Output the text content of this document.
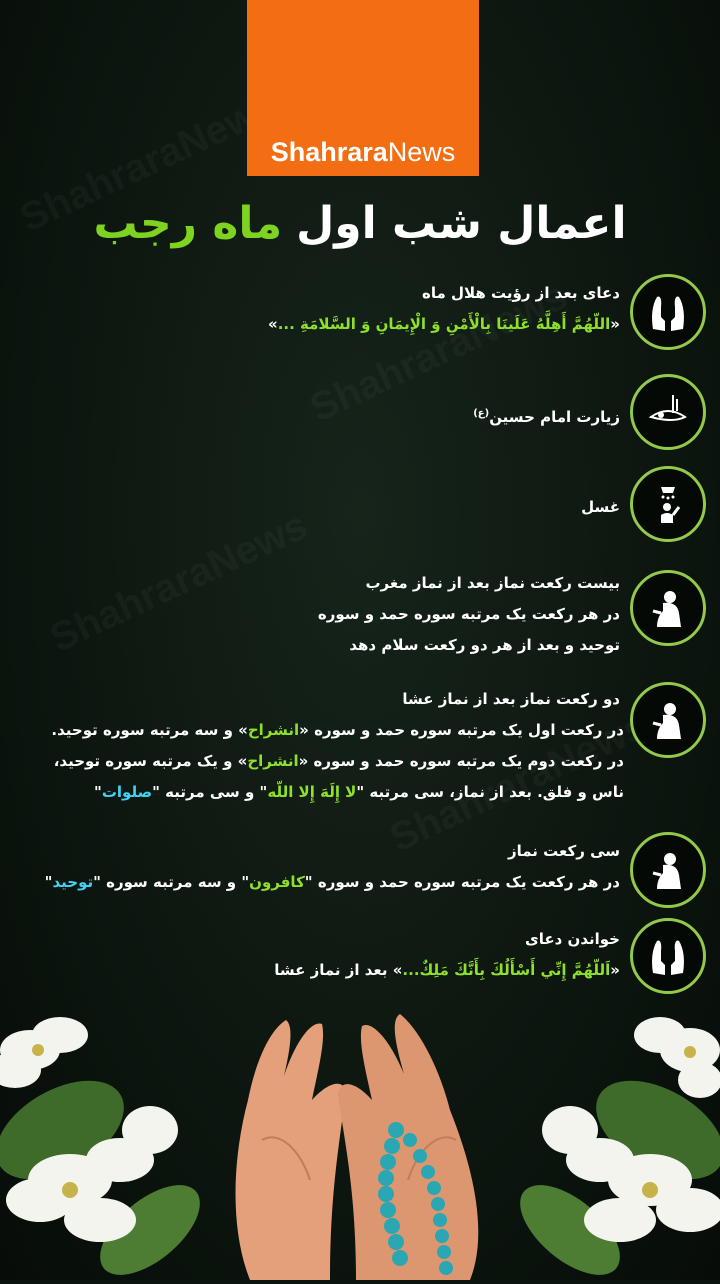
ShahraraNews
اعمال شب اول
ماه رجب
دعای بعد از رؤیت هلال ماه
«اللّهُمَّ أَهِلَّهُ عَلَينَا بِالْأَمْنِ وَ الْإِيمَانِ وَ السَّلامَةِ ...»
زیارت امام حسین$^{(ع)}$
غسل
بیست رکعت نماز بعد از نماز مغرب
در هر رکعت یک مرتبه سوره حمد و سوره
توحید و بعد از هر دو رکعت سلام دهد
دو رکعت نماز بعد از نماز عشا
در رکعت اول یک مرتبه سوره حمد و سوره «انشراح» و سه مرتبه سوره توحید.
در رکعت دوم یک مرتبه سوره حمد و سوره «انشراح» و یک مرتبه سوره توحید،
ناس و فلق. بعد از نماز، سی مرتبه "لا إِلَهَ إِلا اللّه" و سی مرتبه "صلوات"
سی رکعت نماز
در هر رکعت یک مرتبه سوره حمد و سوره "کافرون" و سه مرتبه سوره "توحید"
خواندن دعای
«اَللّهُمَّ إِنِّي أَسْأَلُكَ بِأَنَّكَ مَلِكٌ...» بعد از نماز عشا
